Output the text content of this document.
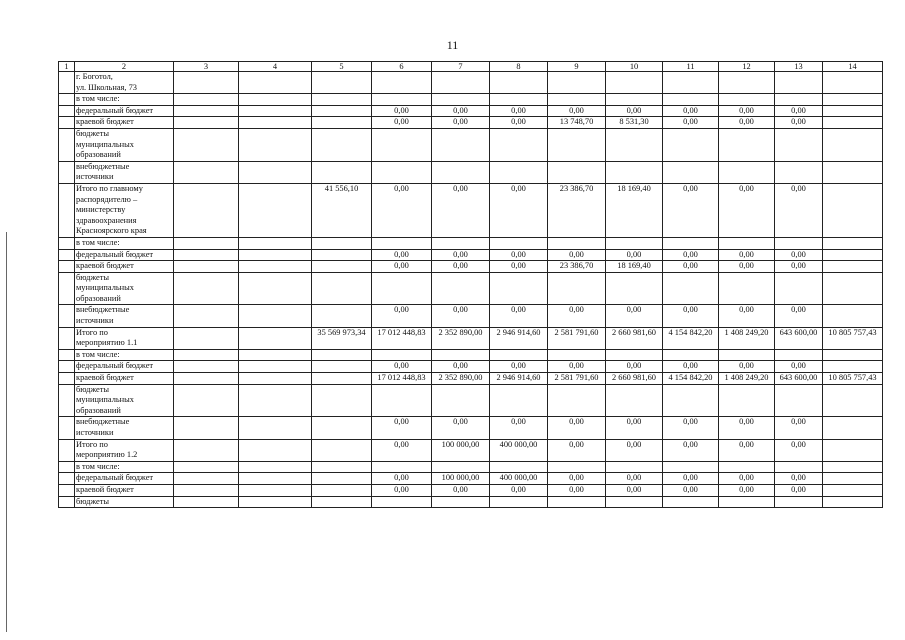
11
1	2	3	4	5	6	7	8	9	10	11	12	13	14
	г. Боготол,
ул. Школьная, 73												
	в том числе:												
	федеральный бюджет				0,00	0,00	0,00	0,00	0,00	0,00	0,00	0,00	
	краевой бюджет				0,00	0,00	0,00	13 748,70	8 531,30	0,00	0,00	0,00	
	бюджеты
муниципальных
образований												
	внебюджетные
источники												
	Итого по главному
распорядителю –
министерству
здравоохранения
Красноярского края			41 556,10	0,00	0,00	0,00	23 386,70	18 169,40	0,00	0,00	0,00	
	в том числе:												
	федеральный бюджет				0,00	0,00	0,00	0,00	0,00	0,00	0,00	0,00	
	краевой бюджет				0,00	0,00	0,00	23 386,70	18 169,40	0,00	0,00	0,00	
	бюджеты
муниципальных
образований												
	внебюджетные
источники				0,00	0,00	0,00	0,00	0,00	0,00	0,00	0,00	
	Итого по
мероприятию 1.1			35 569 973,34	17 012 448,83	2 352 890,00	2 946 914,60	2 581 791,60	2 660 981,60	4 154 842,20	1 408 249,20	643 600,00	10 805 757,43
	в том числе:												
	федеральный бюджет				0,00	0,00	0,00	0,00	0,00	0,00	0,00	0,00	
	краевой бюджет				17 012 448,83	2 352 890,00	2 946 914,60	2 581 791,60	2 660 981,60	4 154 842,20	1 408 249,20	643 600,00	10 805 757,43
	бюджеты
муниципальных
образований												
	внебюджетные
источники				0,00	0,00	0,00	0,00	0,00	0,00	0,00	0,00	
	Итого по
мероприятию 1.2				0,00	100 000,00	400 000,00	0,00	0,00	0,00	0,00	0,00	
	в том числе:												
	федеральный бюджет				0,00	100 000,00	400 000,00	0,00	0,00	0,00	0,00	0,00	
	краевой бюджет				0,00	0,00	0,00	0,00	0,00	0,00	0,00	0,00	
	бюджеты												
